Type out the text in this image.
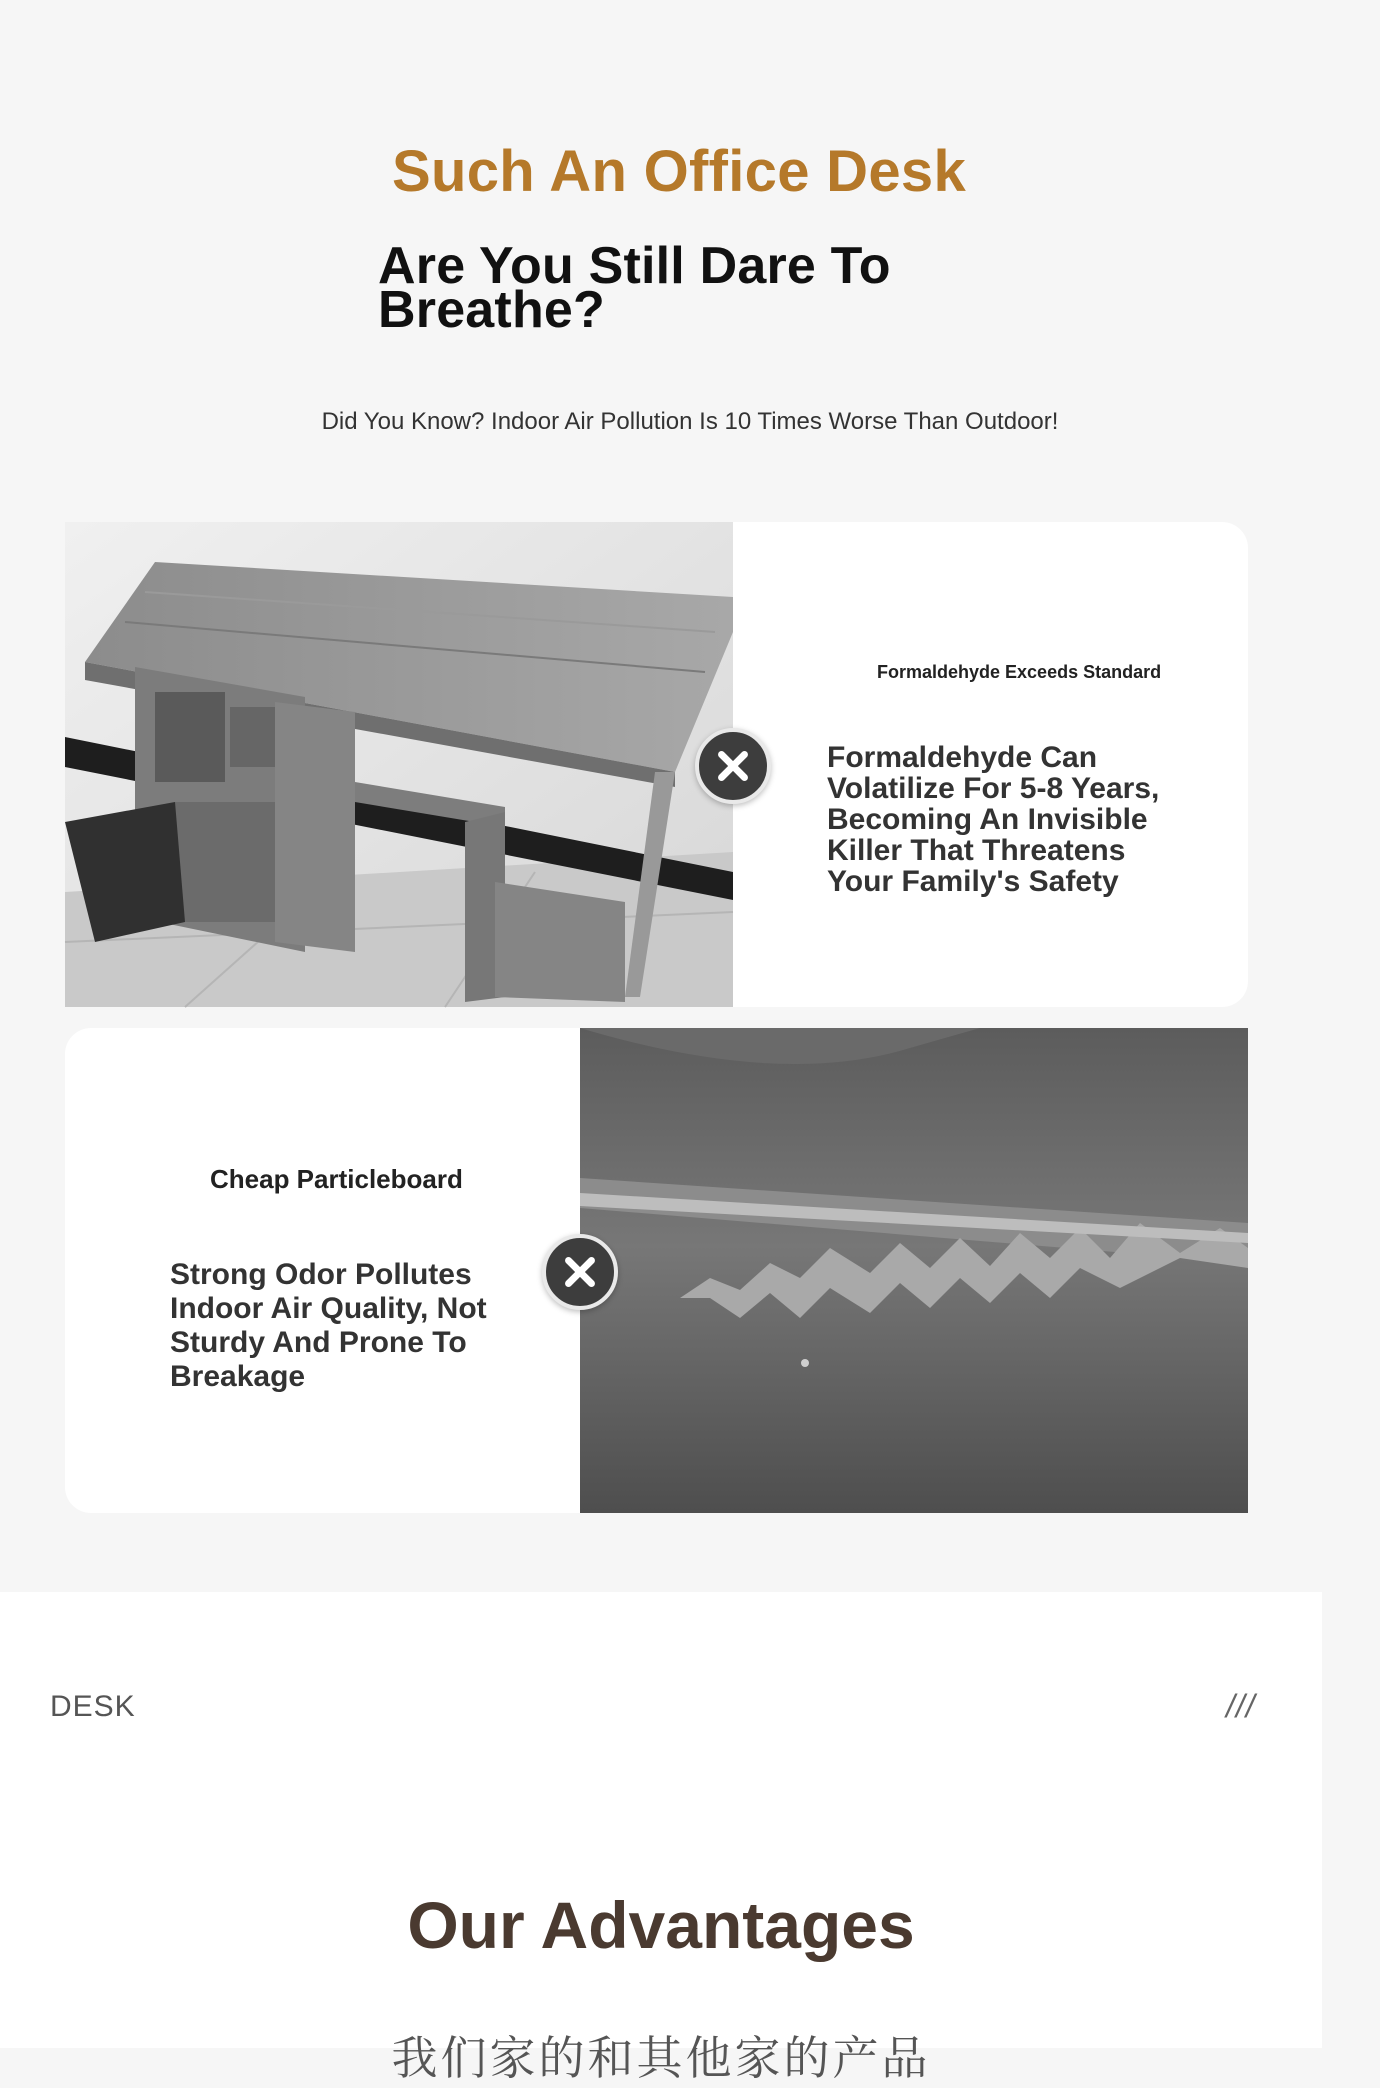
Such An Office Desk
Are You Still Dare To Breathe?

Did You Know? Indoor Air Pollution Is 10 Times Worse Than Outdoor!

Formaldehyde Exceeds Standard
Formaldehyde Can Volatilize For 5-8 Years, Becoming An Invisible Killer That Threatens Your Family's Safety
Cheap Particleboard
Strong Odor Pollutes Indoor Air Quality, Not Sturdy And Prone To Breakage
DESK	///
Our Advantages

我们家的和其他家的产品
